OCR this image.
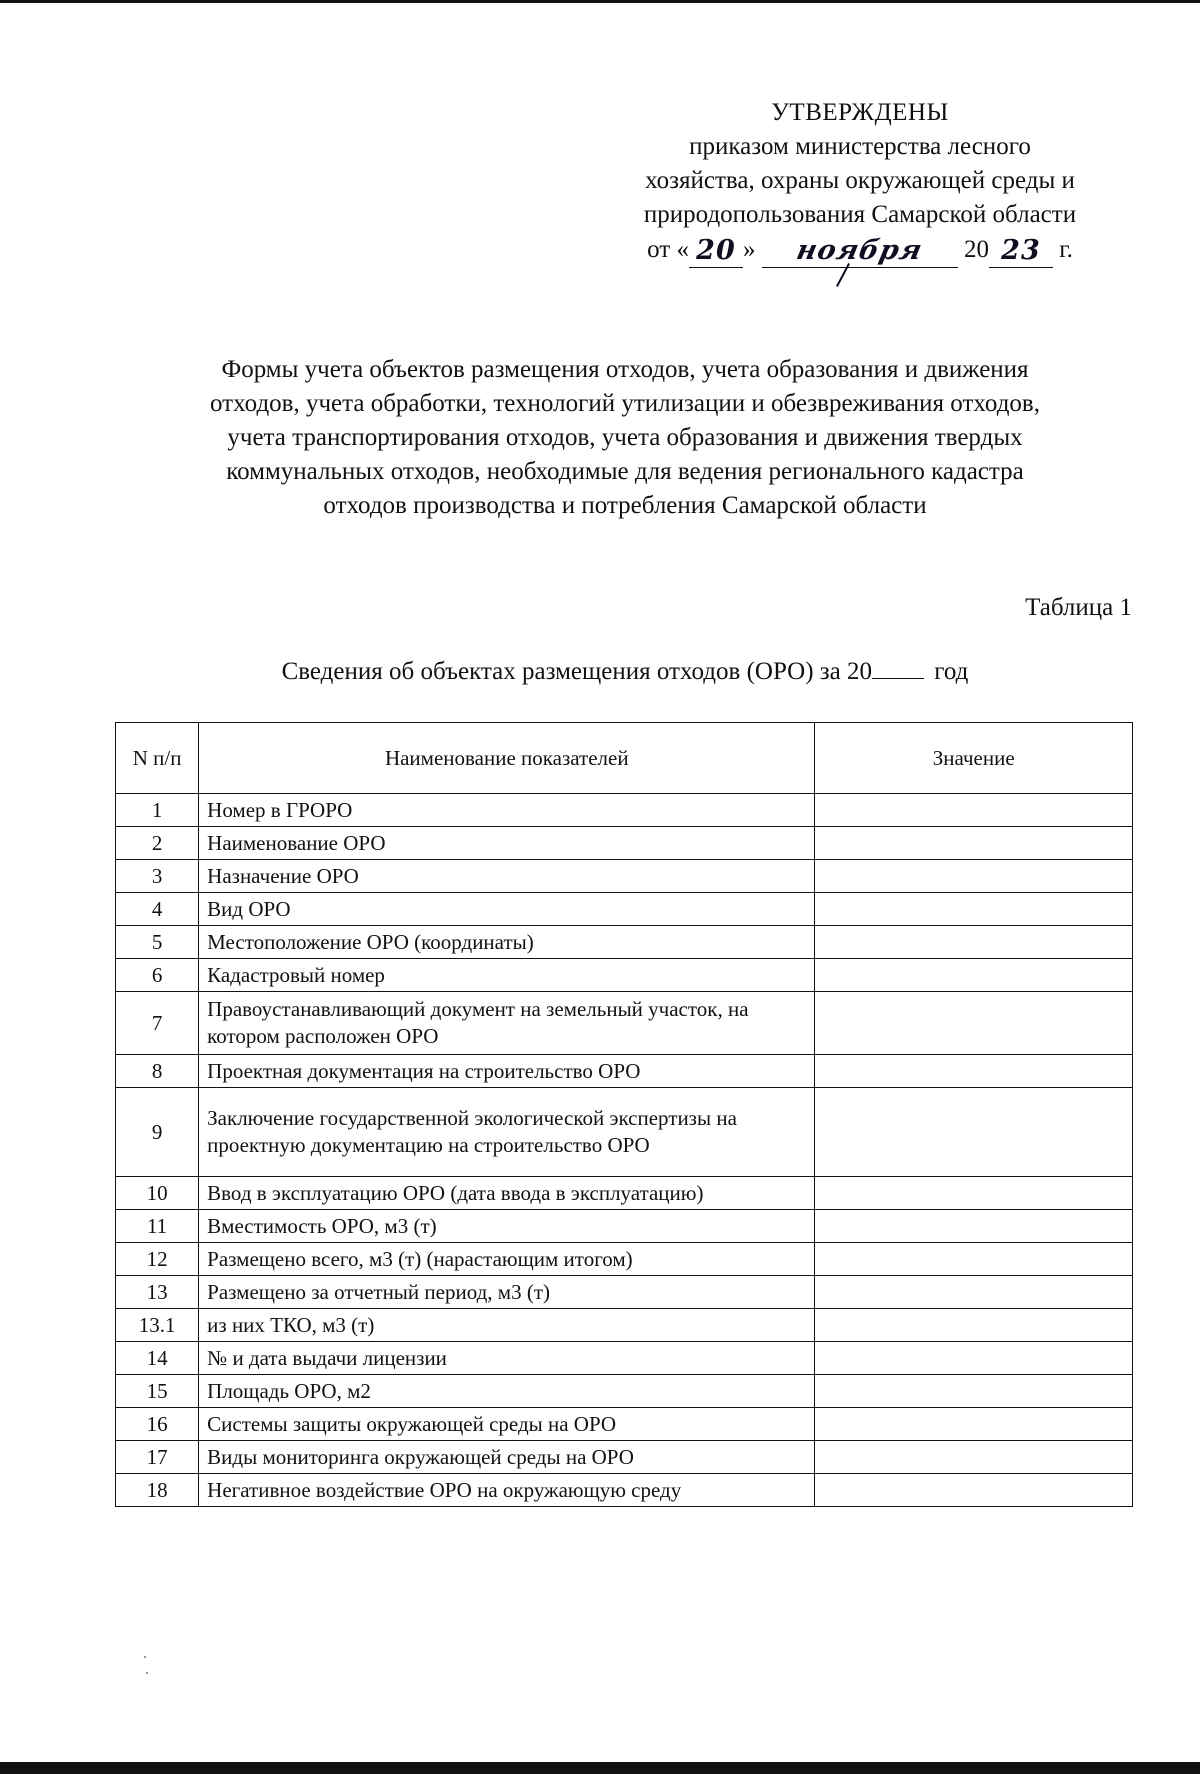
УТВЕРЖДЕНЫ
приказом министерства лесного
хозяйства, охраны окружающей среды и
природопользования Самарской области
от « 20 » ноября 20 23 г.
Формы учета объектов размещения отходов, учета образования и движения
отходов, учета обработки, технологий утилизации и обезвреживания отходов,
учета транспортирования отходов, учета образования и движения твердых
коммунальных отходов, необходимые для ведения регионального кадастра
отходов производства и потребления Самарской области
Таблица 1
Сведения об объектах размещения отходов (ОРО) за 20 год
N п/п	Наименование показателей	Значение
1	Номер в ГРОРО	
2	Наименование ОРО	
3	Назначение ОРО	
4	Вид ОРО	
5	Местоположение ОРО (координаты)	
6	Кадастровый номер	
7	Правоустанавливающий документ на земельный участок, на котором расположен ОРО	
8	Проектная документация на строительство ОРО	
9	Заключение государственной экологической экспертизы на проектную документацию на строительство ОРО	
10	Ввод в эксплуатацию ОРО (дата ввода в эксплуатацию)	
11	Вместимость ОРО, м3 (т)	
12	Размещено всего, м3 (т) (нарастающим итогом)	
13	Размещено за отчетный период, м3 (т)	
13.1	из них ТКО, м3 (т)	
14	№ и дата выдачи лицензии	
15	Площадь ОРО, м2	
16	Системы защиты окружающей среды на ОРО	
17	Виды мониторинга окружающей среды на ОРО	
18	Негативное воздействие ОРО на окружающую среду	
